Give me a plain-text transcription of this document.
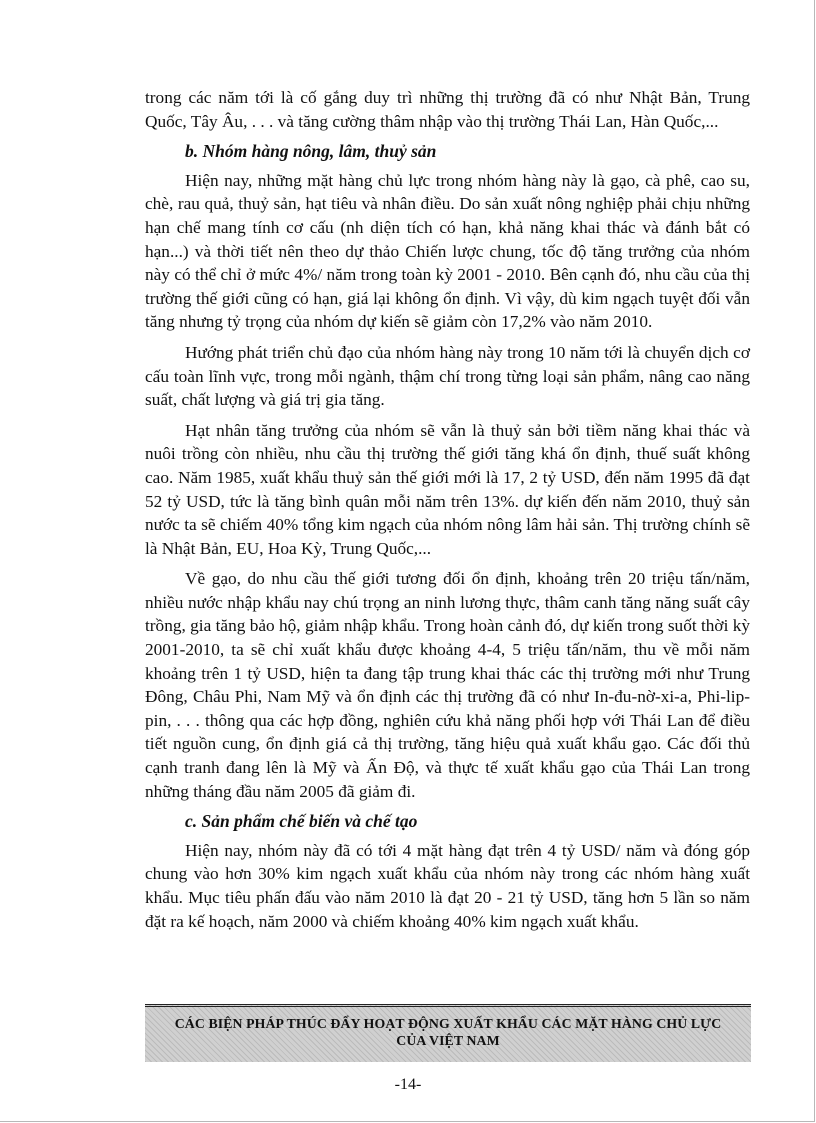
trong các năm tới là cố gắng duy trì những thị trường đã có như Nhật Bản, Trung Quốc, Tây Âu, . . . và tăng cường thâm nhập vào thị trường Thái Lan, Hàn Quốc,...

b. Nhóm hàng nông, lâm, thuỷ sản

Hiện nay, những mặt hàng chủ lực trong nhóm hàng này là gạo, cà phê, cao su, chè, rau quả, thuỷ sản, hạt tiêu và nhân điều. Do sản xuất nông nghiệp phải chịu những hạn chế mang tính cơ cấu (nh diện tích có hạn, khả năng khai thác và đánh bắt có hạn...) và thời tiết nên theo dự thảo Chiến lược chung, tốc độ tăng trưởng của nhóm này có thể chỉ ở mức 4%/ năm trong toàn kỳ 2001 - 2010. Bên cạnh đó, nhu cầu của thị trường thế giới cũng có hạn, giá lại không ổn định. Vì vậy, dù kim ngạch tuyệt đối vẫn tăng nhưng tỷ trọng của nhóm dự kiến sẽ giảm còn 17,2% vào năm 2010.

Hướng phát triển chủ đạo của nhóm hàng này trong 10 năm tới là chuyển dịch cơ cấu toàn lĩnh vực, trong mỗi ngành, thậm chí trong từng loại sản phẩm, nâng cao năng suất, chất lượng và giá trị gia tăng.

Hạt nhân tăng trưởng của nhóm sẽ vẫn là thuỷ sản bởi tiềm năng khai thác và nuôi trồng còn nhiều, nhu cầu thị trường thế giới tăng khá ổn định, thuế suất không cao. Năm 1985, xuất khẩu thuỷ sản thế giới mới là 17, 2 tỷ USD, đến năm 1995 đã đạt 52 tỷ USD, tức là tăng bình quân mỗi năm trên 13%. dự kiến đến năm 2010, thuỷ sản nước ta sẽ chiếm 40% tổng kim ngạch của nhóm nông lâm hải sản. Thị trường chính sẽ là Nhật Bản, EU, Hoa Kỳ, Trung Quốc,...

Về gạo, do nhu cầu thế giới tương đối ổn định, khoảng trên 20 triệu tấn/năm, nhiều nước nhập khẩu nay chú trọng an ninh lương thực, thâm canh tăng năng suất cây trồng, gia tăng bảo hộ, giảm nhập khẩu. Trong hoàn cảnh đó, dự kiến trong suốt thời kỳ 2001-2010, ta sẽ chỉ xuất khẩu được khoảng 4-4, 5 triệu tấn/năm, thu về mỗi năm khoảng trên 1 tỷ USD, hiện ta đang tập trung khai thác các thị trường mới như Trung Đông, Châu Phi, Nam Mỹ và ổn định các thị trường đã có như In-đu-nờ-xi-a, Phi-lip-pin, . . . thông qua các hợp đồng, nghiên cứu khả năng phối hợp với Thái Lan để điều tiết nguồn cung, ổn định giá cả thị trường, tăng hiệu quả xuất khẩu gạo. Các đối thủ cạnh tranh đang lên là Mỹ và Ấn Độ, và thực tế xuất khẩu gạo của Thái Lan trong những tháng đầu năm 2005 đã giảm đi.

c. Sản phẩm chế biến và chế tạo

Hiện nay, nhóm này đã có tới 4 mặt hàng đạt trên 4 tỷ USD/ năm và đóng góp chung vào hơn 30% kim ngạch xuất khẩu của nhóm này trong các nhóm hàng xuất khẩu. Mục tiêu phấn đấu vào năm 2010 là đạt 20 - 21 tỷ USD, tăng hơn 5 lần so năm đặt ra kế hoạch, năm 2000 và chiếm khoảng 40% kim ngạch xuất khẩu.

CÁC BIỆN PHÁP THÚC ĐẨY HOẠT ĐỘNG XUẤT KHẨU CÁC MẶT HÀNG CHỦ LỰC
CỦA VIỆT NAM
-14-
